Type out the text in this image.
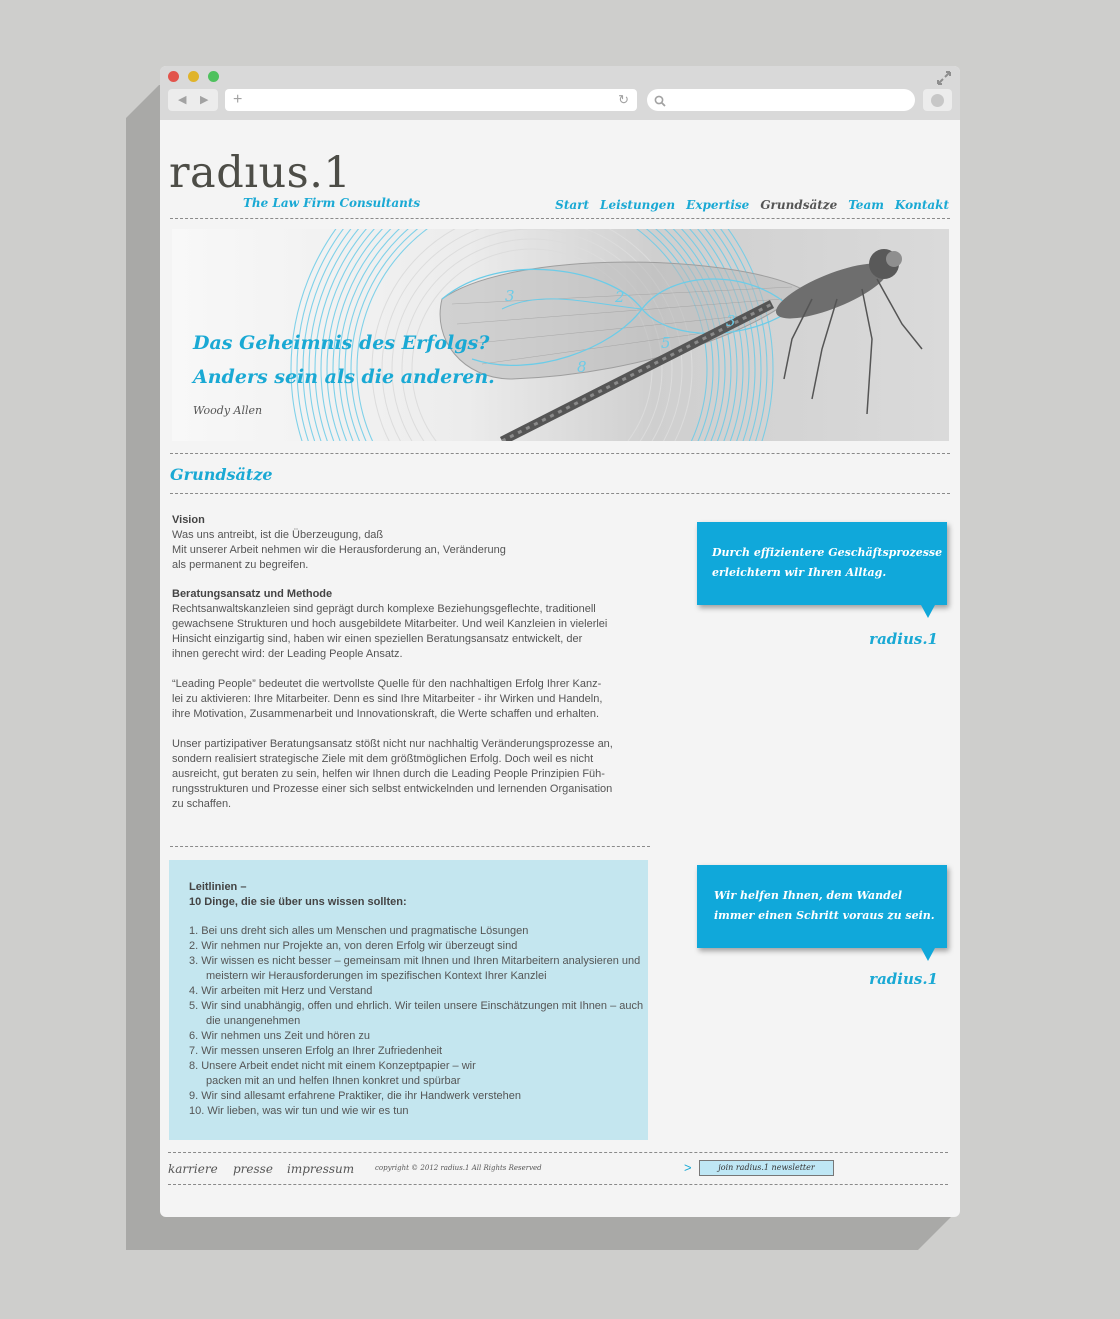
◀ ▶ +	↻
radıus.1
The Law Firm Consultants	Start Leistungen Expertise Grundsätze Team Kontakt
3	2
3
5
8
Das Geheimnis des Erfolgs?
Anders sein als die anderen.
Woody Allen
Grundsätze
Vision
Was uns antreibt, ist die Überzeugung, daß
Mit unserer Arbeit nehmen wir die Herausforderung an, Veränderung
als permanent zu begreifen.
Beratungsansatz und Methode
Rechtsanwaltskanzleien sind geprägt durch komplexe Beziehungsgeflechte, traditionell
gewachsene Strukturen und hoch ausgebildete Mitarbeiter. Und weil Kanzleien in vielerlei
Hinsicht einzigartig sind, haben wir einen speziellen Beratungsansatz entwickelt, der
ihnen gerecht wird: der Leading People Ansatz.

“Leading People” bedeutet die wertvollste Quelle für den nachhaltigen Erfolg Ihrer Kanz-
lei zu aktivieren: Ihre Mitarbeiter. Denn es sind Ihre Mitarbeiter - ihr Wirken und Handeln,
ihre Motivation, Zusammenarbeit und Innovationskraft, die Werte schaffen und erhalten.

Unser partizipativer Beratungsansatz stößt nicht nur nachhaltig Veränderungsprozesse an,
sondern realisiert strategische Ziele mit dem größtmöglichen Erfolg. Doch weil es nicht
ausreicht, gut beraten zu sein, helfen wir Ihnen durch die Leading People Prinzipien Füh-
rungsstrukturen und Prozesse einer sich selbst entwickelnden und lernenden Organisation
zu schaffen.

Durch effizientere Geschäftsprozesse

erleichtern wir Ihren Alltag.

radius.1
Leitlinien –
10 Dinge, die sie über uns wissen sollten:
1. Bei uns dreht sich alles um Menschen und pragmatische Lösungen
2. Wir nehmen nur Projekte an, von deren Erfolg wir überzeugt sind
3. Wir wissen es nicht besser – gemeinsam mit Ihnen und Ihren Mitarbeitern analysieren und meistern wir Herausforderungen im spezifischen Kontext Ihrer Kanzlei
4. Wir arbeiten mit Herz und Verstand
5. Wir sind unabhängig, offen und ehrlich. Wir teilen unsere Einschätzungen mit Ihnen – auch die unangenehmen
6. Wir nehmen uns Zeit und hören zu
7. Wir messen unseren Erfolg an Ihrer Zufriedenheit
8. Unsere Arbeit endet nicht mit einem Konzeptpapier – wir packen mit an und helfen Ihnen konkret und spürbar
9. Wir sind allesamt erfahrene Praktiker, die ihr Handwerk verstehen
10. Wir lieben, was wir tun und wie wir es tun

Wir helfen Ihnen, dem Wandel

immer einen Schritt voraus zu sein.

radius.1
karriere presse impressum	copyright © 2012 radius.1 All Rights Reserved	>	join radius.1 newsletter
